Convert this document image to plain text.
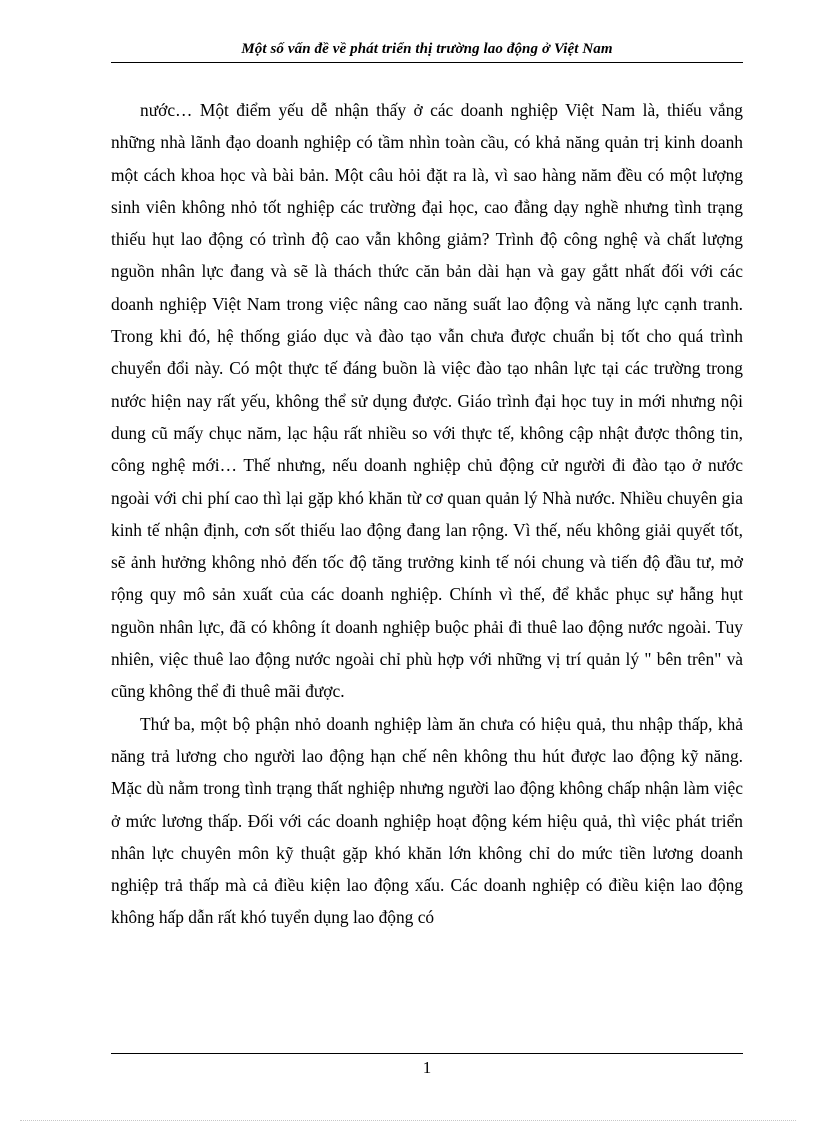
Một số vấn đề về phát triển thị trường lao động ở Việt Nam

nước… Một điểm yếu dễ nhận thấy ở các doanh nghiệp Việt Nam là, thiếu vắng những nhà lãnh đạo doanh nghiệp có tầm nhìn toàn cầu, có khả năng quản trị kinh doanh một cách khoa học và bài bản. Một câu hỏi đặt ra là, vì sao hàng năm đều có một lượng sinh viên không nhỏ tốt nghiệp các trường đại học, cao đẳng dạy nghề nhưng tình trạng thiếu hụt lao động có trình độ cao vẫn không giảm? Trình độ công nghệ và chất lượng nguồn nhân lực đang và sẽ là thách thức căn bản dài hạn và gay gắtt nhất đối với các doanh nghiệp Việt Nam trong việc nâng cao năng suất lao động và năng lực cạnh tranh. Trong khi đó, hệ thống giáo dục và đào tạo vẫn chưa được chuẩn bị tốt cho quá trình chuyển đổi này. Có một thực tế đáng buồn là việc đào tạo nhân lực tại các trường trong nước hiện nay rất yếu, không thể sử dụng được. Giáo trình đại học tuy in mới nhưng nội dung cũ mấy chục năm, lạc hậu rất nhiều so với thực tế, không cập nhật được thông tin, công nghệ mới… Thế nhưng, nếu doanh nghiệp chủ động cử người đi đào tạo ở nước ngoài với chi phí cao thì lại gặp khó khăn từ cơ quan quản lý Nhà nước. Nhiều chuyên gia kinh tế nhận định, cơn sốt thiếu lao động đang lan rộng. Vì thế, nếu không giải quyết tốt, sẽ ảnh hưởng không nhỏ đến tốc độ tăng trưởng kinh tế nói chung và tiến độ đầu tư, mở rộng quy mô sản xuất của các doanh nghiệp. Chính vì thế, để khắc phục sự hẫng hụt nguồn nhân lực, đã có không ít doanh nghiệp buộc phải đi thuê lao động nước ngoài. Tuy nhiên, việc thuê lao động nước ngoài chỉ phù hợp với những vị trí quản lý " bên trên" và cũng không thể đi thuê mãi được.

Thứ ba, một bộ phận nhỏ doanh nghiệp làm ăn chưa có hiệu quả, thu nhập thấp, khả năng trả lương cho người lao động hạn chế nên không thu hút được lao động kỹ năng. Mặc dù nằm trong tình trạng thất nghiệp nhưng người lao động không chấp nhận làm việc ở mức lương thấp. Đối với các doanh nghiệp hoạt động kém hiệu quả, thì việc phát triển nhân lực chuyên môn kỹ thuật gặp khó khăn lớn không chỉ do mức tiền lương doanh nghiệp trả thấp mà cả điều kiện lao động xấu. Các doanh nghiệp có điều kiện lao động không hấp dẫn rất khó tuyển dụng lao động có

1
